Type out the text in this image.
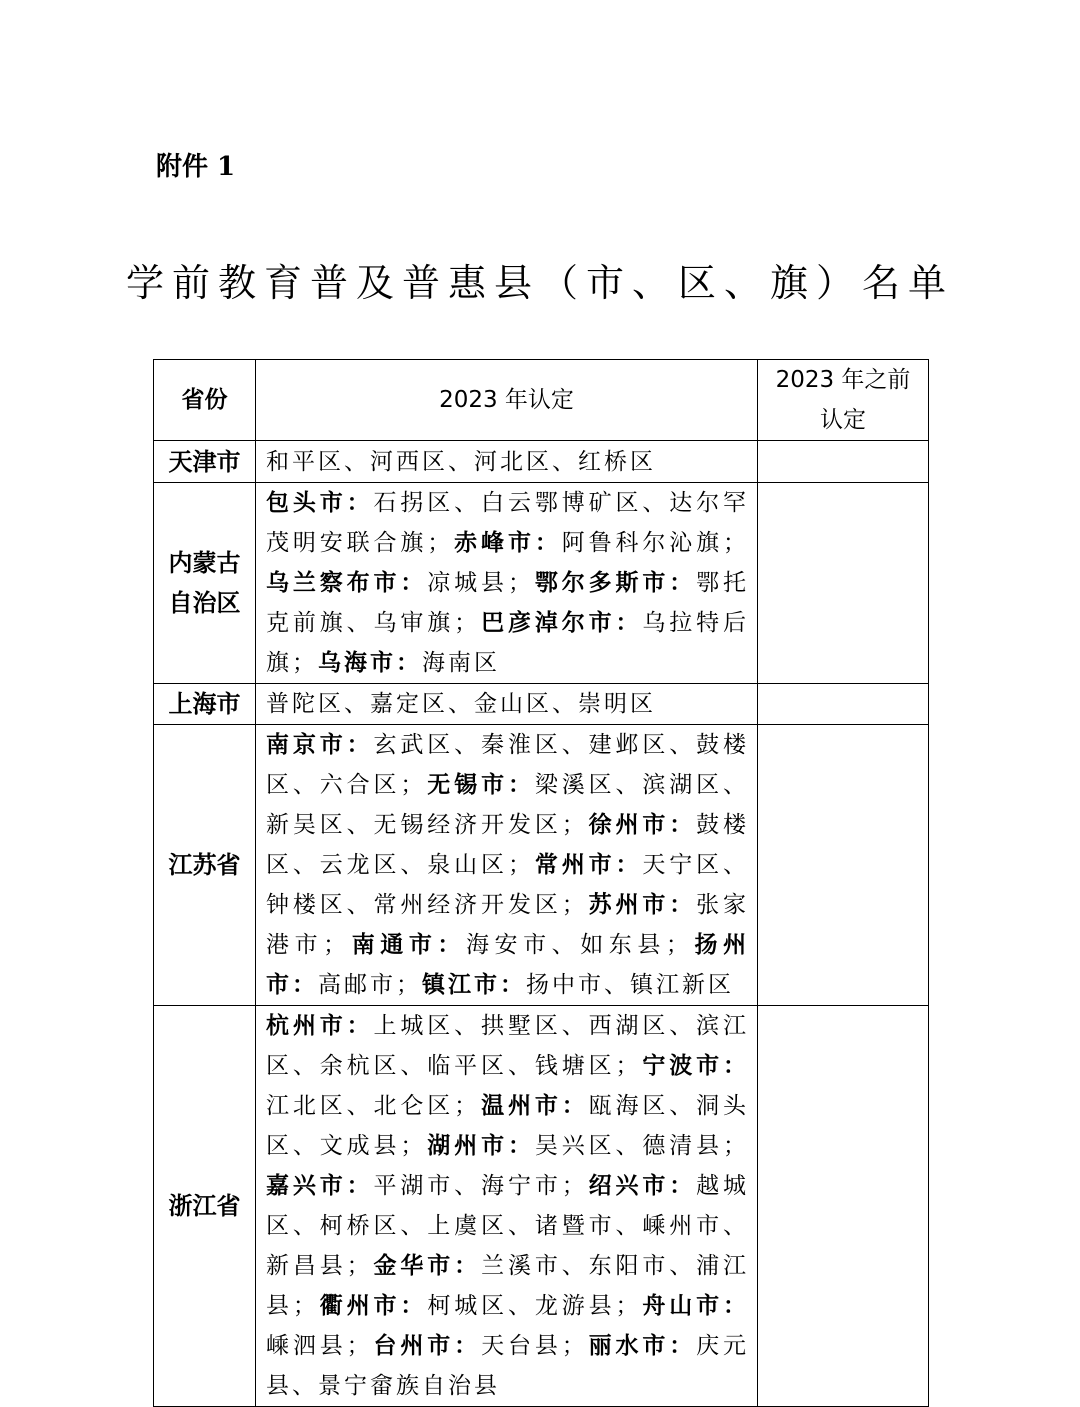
附件 1
学前教育普及普惠县（市、区、旗）名单
省份	2023 年认定	2023 年之前认定
天津市	和平区、河西区、河北区、红桥区	
内蒙古自治区	包头市：石拐区、白云鄂博矿区、达尔罕茂明安联合旗；赤峰市：阿鲁科尔沁旗；乌兰察布市：凉城县；鄂尔多斯市：鄂托克前旗、乌审旗；巴彦淖尔市：乌拉特后旗；乌海市：海南区	
上海市	普陀区、嘉定区、金山区、崇明区	
江苏省	南京市：玄武区、秦淮区、建邺区、鼓楼区、六合区；无锡市：梁溪区、滨湖区、新吴区、无锡经济开发区；徐州市：鼓楼区、云龙区、泉山区；常州市：天宁区、钟楼区、常州经济开发区；苏州市：张家港市；南通市：海安市、如东县；扬州市：高邮市；镇江市：扬中市、镇江新区	
浙江省	杭州市：上城区、拱墅区、西湖区、滨江区、余杭区、临平区、钱塘区；宁波市：江北区、北仑区；温州市：瓯海区、洞头区、文成县；湖州市：吴兴区、德清县；嘉兴市：平湖市、海宁市；绍兴市：越城区、柯桥区、上虞区、诸暨市、嵊州市、新昌县；金华市：兰溪市、东阳市、浦江县；衢州市：柯城区、龙游县；舟山市：嵊泗县；台州市：天台县；丽水市：庆元县、景宁畲族自治县	
